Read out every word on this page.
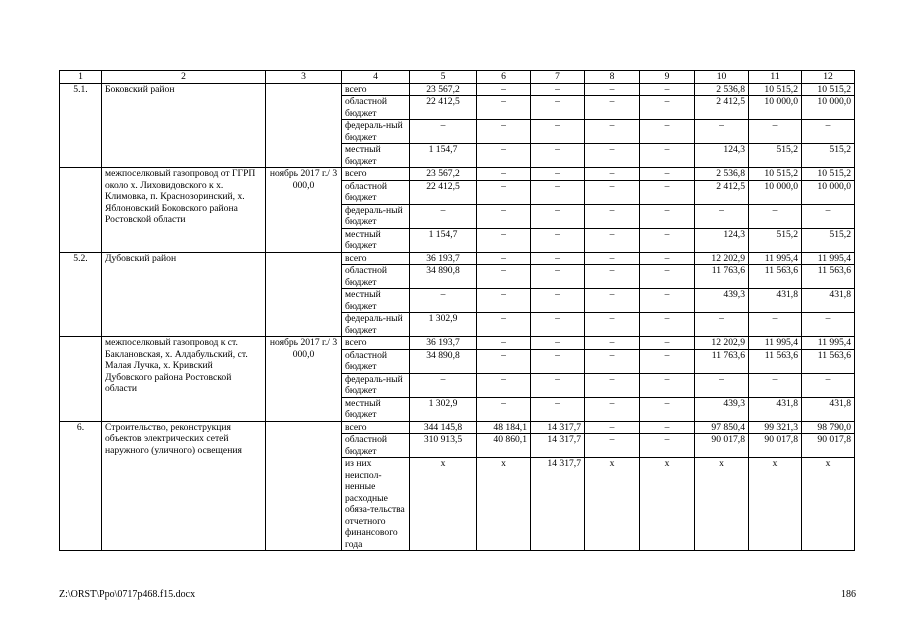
1	2	3	4	5	6	7	8	9	10	11	12
5.1.	Боковский район		всего	23 567,2	–	–	–	–	2 536,8	10 515,2	10 515,2
			областной бюджет	22 412,5	–	–	–	–	2 412,5	10 000,0	10 000,0
			федераль-ный бюджет	–	–	–	–	–	–	–	–
			местный бюджет	1 154,7	–	–	–	–	124,3	515,2	515,2
	межпоселковый газопровод от ГГРП около х. Лиховидовского к х. Климовка, п. Краснозоринский, х. Яблоновский Боковского района Ростовской области	ноябрь 2017 г./ 3 000,0	всего	23 567,2	–	–	–	–	2 536,8	10 515,2	10 515,2
			областной бюджет	22 412,5	–	–	–	–	2 412,5	10 000,0	10 000,0
			федераль-ный бюджет	–	–	–	–	–	–	–	–
			местный бюджет	1 154,7	–	–	–	–	124,3	515,2	515,2
5.2.	Дубовский район		всего	36 193,7	–	–	–	–	12 202,9	11 995,4	11 995,4
			областной бюджет	34 890,8	–	–	–	–	11 763,6	11 563,6	11 563,6
			местный бюджет	–	–	–	–	–	439,3	431,8	431,8
			федераль-ный бюджет	1 302,9	–	–	–	–	–	–	–
	межпоселковый газопровод к ст. Баклановская, х. Алдабульский, ст. Малая Лучка, х. Кривский Дубовского района Ростовской области	ноябрь 2017 г./ 3 000,0	всего	36 193,7	–	–	–	–	12 202,9	11 995,4	11 995,4
			областной бюджет	34 890,8	–	–	–	–	11 763,6	11 563,6	11 563,6
			федераль-ный бюджет	–	–	–	–	–	–	–	–
			местный бюджет	1 302,9	–	–	–	–	439,3	431,8	431,8
6.	Строительство, реконструкция объектов электрических сетей наружного (уличного) освещения		всего	344 145,8	48 184,1	14 317,7	–	–	97 850,4	99 321,3	98 790,0
			областной бюджет	310 913,5	40 860,1	14 317,7	–	–	90 017,8	90 017,8	90 017,8
			из них неиспол-ненные расходные обяза-тельства отчетного финансового года	x	x	14 317,7	x	x	x	x	x
Z:\ORST\Ppo\0717p468.f15.docx	186
